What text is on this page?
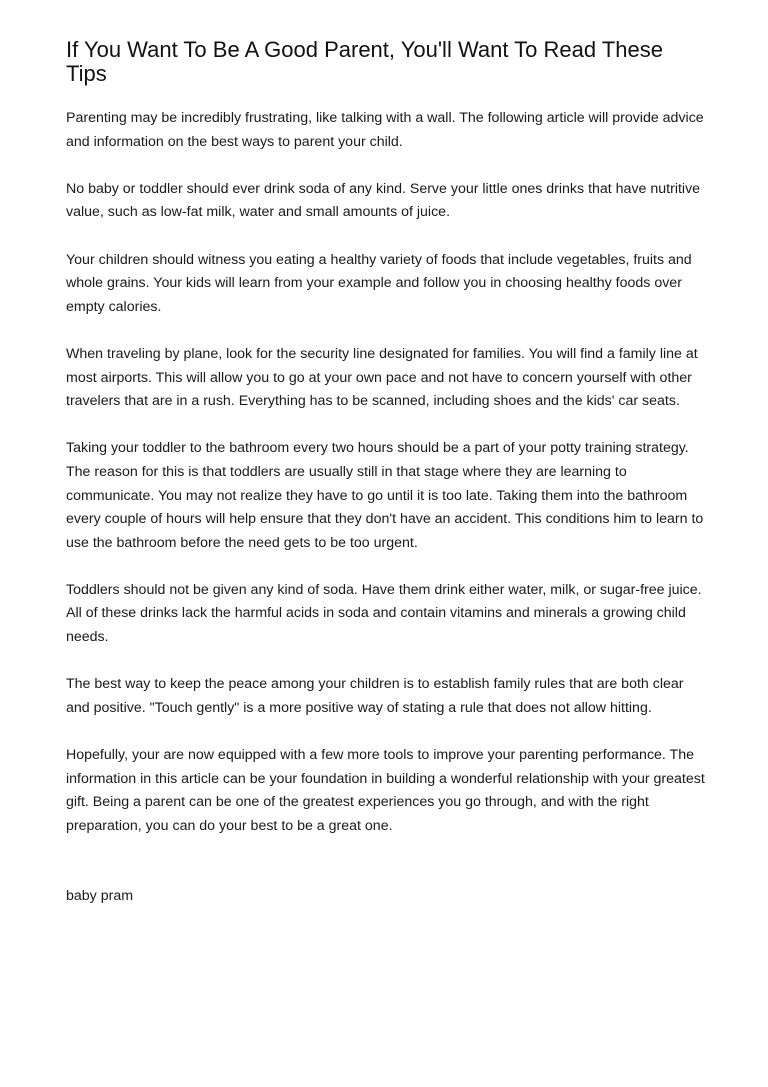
If You Want To Be A Good Parent, You'll Want To Read These Tips

Parenting may be incredibly frustrating, like talking with a wall. The following article will provide advice and information on the best ways to parent your child.

No baby or toddler should ever drink soda of any kind. Serve your little ones drinks that have nutritive value, such as low-fat milk, water and small amounts of juice.

Your children should witness you eating a healthy variety of foods that include vegetables, fruits and whole grains. Your kids will learn from your example and follow you in choosing healthy foods over empty calories.

When traveling by plane, look for the security line designated for families. You will find a family line at most airports. This will allow you to go at your own pace and not have to concern yourself with other travelers that are in a rush. Everything has to be scanned, including shoes and the kids' car seats.

Taking your toddler to the bathroom every two hours should be a part of your potty training strategy. The reason for this is that toddlers are usually still in that stage where they are learning to communicate. You may not realize they have to go until it is too late. Taking them into the bathroom every couple of hours will help ensure that they don't have an accident. This conditions him to learn to use the bathroom before the need gets to be too urgent.

Toddlers should not be given any kind of soda. Have them drink either water, milk, or sugar-free juice. All of these drinks lack the harmful acids in soda and contain vitamins and minerals a growing child needs.

The best way to keep the peace among your children is to establish family rules that are both clear and positive. "Touch gently" is a more positive way of stating a rule that does not allow hitting.

Hopefully, your are now equipped with a few more tools to improve your parenting performance. The information in this article can be your foundation in building a wonderful relationship with your greatest gift. Being a parent can be one of the greatest experiences you go through, and with the right preparation, you can do your best to be a great one.

baby pram
